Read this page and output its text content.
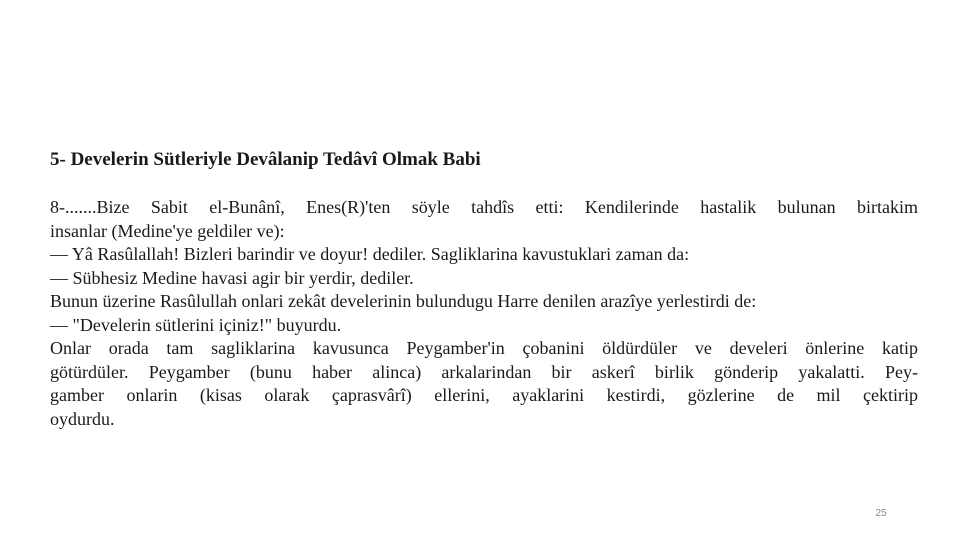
5- Develerin Sütleriyle Devâlanip Tedâvî Olmak Babi

8-.......Bize Sabit el-Bunânî, Enes(R)'ten söyle tahdîs etti: Kendilerinde hastalik bulunan birtakim
insanlar (Medine'ye geldiler ve):
— Yâ Rasûlallah! Bizleri barindir ve doyur! dediler. Sagliklarina kavustuklari zaman da:
— Sübhesiz Medine havasi agir bir yerdir, dediler.
Bunun üzerine Rasûlullah onlari zekât develerinin bulundugu Harre denilen arazîye yerlestirdi de:
— "Develerin sütlerini içiniz!" buyurdu.
Onlar orada tam sagliklarina kavusunca Peygamber'in çobanini öldürdüler ve develeri önlerine katip
götürdüler. Peygamber (bunu haber alinca) arkalarindan bir askerî birlik gönderip yakalatti. Pey-
gamber onlarin (kisas olarak çaprasvârî) ellerini, ayaklarini kestirdi, gözlerine de mil çektirip
oydurdu.
25
